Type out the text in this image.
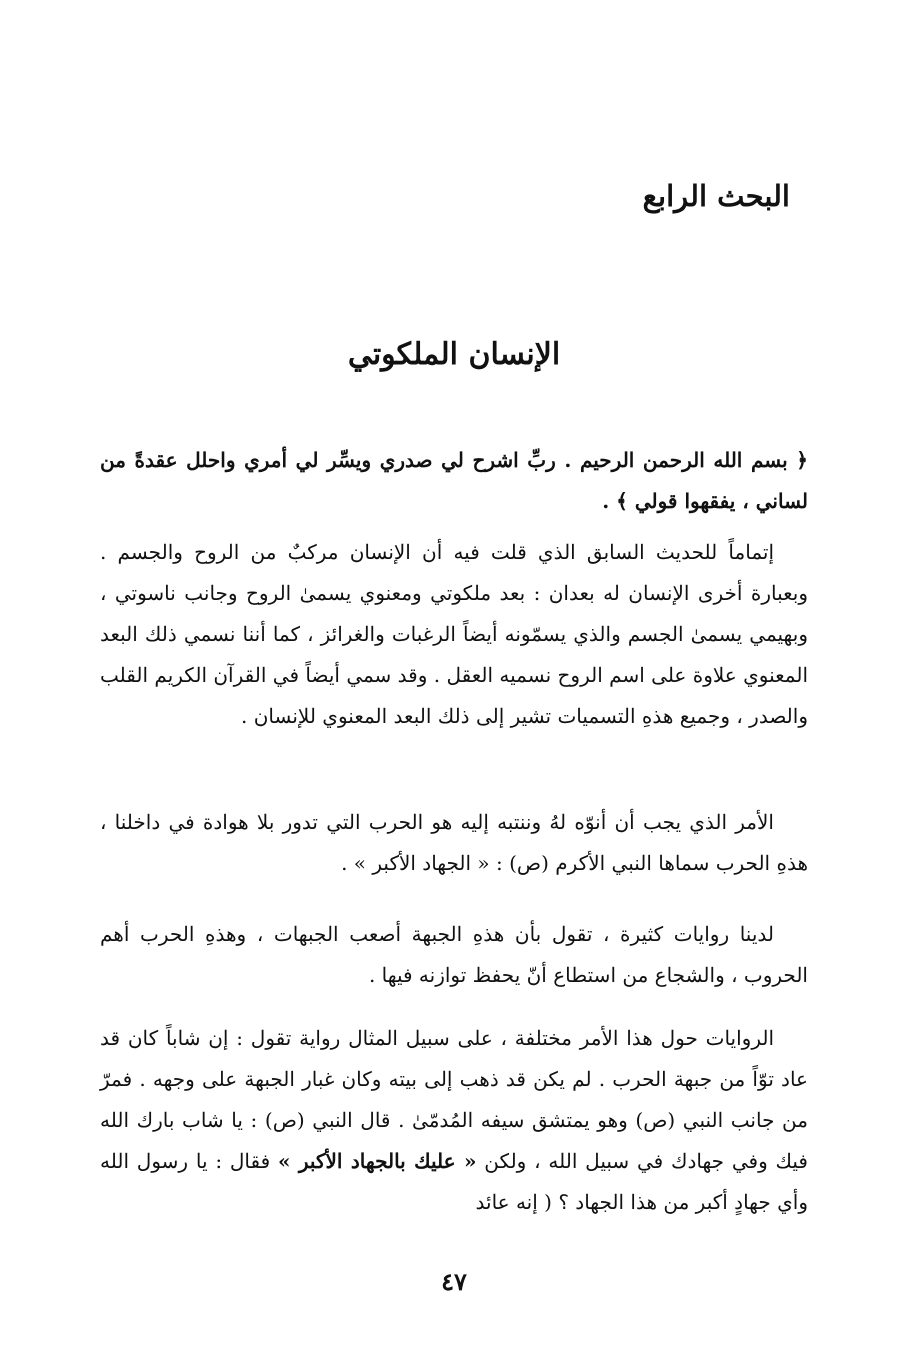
البحث الرابع
الإنسان الملكوتي

﴿ بسم الله الرحمن الرحيم . ربِّ اشرح لي صدري ويسِّر لي أمري واحلل عقدةً من لساني ، يفقهوا قولي ﴾ .

إتماماً للحديث السابق الذي قلت فيه أن الإنسان مركبٌ من الروح والجسم . وبعبارة أخرى الإنسان له بعدان : بعد ملكوتي ومعنوي يسمىٰ الروح وجانب ناسوتي ، وبهيمي يسمىٰ الجسم والذي يسمّونه أيضاً الرغبات والغرائز ، كما أننا نسمي ذلك البعد المعنوي علاوة على اسم الروح نسميه العقل . وقد سمي أيضاً في القرآن الكريم القلب والصدر ، وجميع هذهِ التسميات تشير إلى ذلك البعد المعنوي للإنسان .

الأمر الذي يجب أن أنوّه لهُ وننتبه إليه هو الحرب التي تدور بلا هوادة في داخلنا ، هذهِ الحرب سماها النبي الأكرم (ص) : « الجهاد الأكبر » .

لدينا روايات كثيرة ، تقول بأن هذهِ الجبهة أصعب الجبهات ، وهذهِ الحرب أهم الحروب ، والشجاع من استطاع أنّ يحفظ توازنه فيها .

الروايات حول هذا الأمر مختلفة ، على سبيل المثال رواية تقول : إن شاباً كان قد عاد توّاً من جبهة الحرب . لم يكن قد ذهب إلى بيته وكان غبار الجبهة على وجهه . فمرّ من جانب النبي (ص) وهو يمتشق سيفه المُدمّىٰ . قال النبي (ص) : يا شاب بارك الله فيك وفي جهادك في سبيل الله ، ولكن « عليك بالجهاد الأكبر » فقال : يا رسول الله وأي جهادٍ أكبر من هذا الجهاد ؟ ( إنه عائد

٤٧
